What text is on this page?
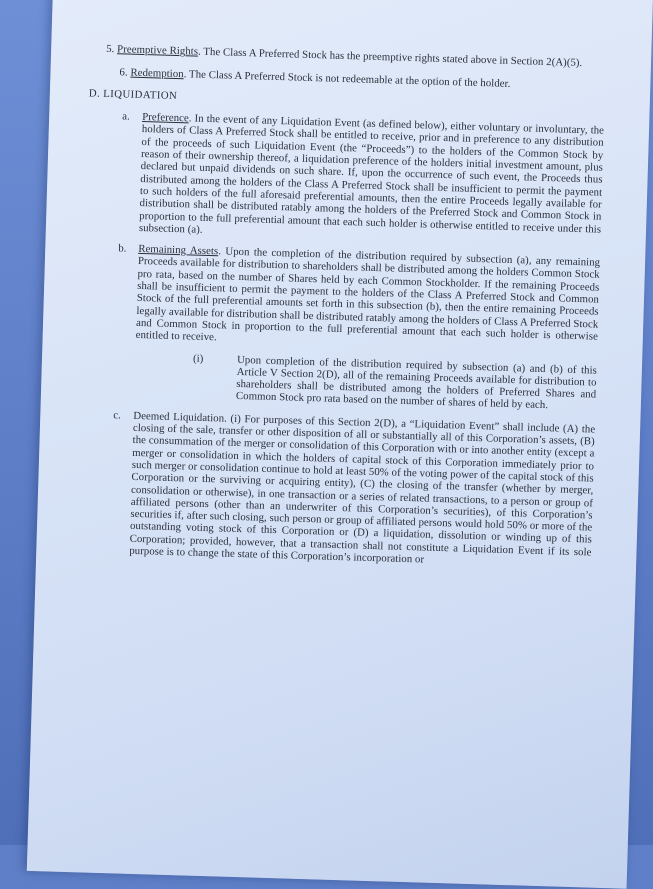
5. Preemptive Rights. The Class A Preferred Stock has the preemptive rights stated above in Section 2(A)(5).

6. Redemption. The Class A Preferred Stock is not redeemable at the option of the holder.

D. LIQUIDATION
a. Preference. In the event of any Liquidation Event (as defined below), either voluntary or involuntary, the holders of Class A Preferred Stock shall be entitled to receive, prior and in preference to any distribution of the proceeds of such Liquidation Event (the “Proceeds”) to the holders of the Common Stock by reason of their ownership thereof, a liquidation preference of the holders initial investment amount, plus declared but unpaid dividends on such share. If, upon the occurrence of such event, the Proceeds thus distributed among the holders of the Class A Preferred Stock shall be insufficient to permit the payment to such holders of the full aforesaid preferential amounts, then the entire Proceeds legally available for distribution shall be distributed ratably among the holders of the Preferred Stock and Common Stock in proportion to the full preferential amount that each such holder is otherwise entitled to receive under this subsection (a).
b. Remaining Assets. Upon the completion of the distribution required by subsection (a), any remaining Proceeds available for distribution to shareholders shall be distributed among the holders Common Stock pro rata, based on the number of Shares held by each Common Stockholder. If the remaining Proceeds shall be insufficient to permit the payment to the holders of the Class A Preferred Stock and Common Stock of the full preferential amounts set forth in this subsection (b), then the entire remaining Proceeds legally available for distribution shall be distributed ratably among the holders of Class A Preferred Stock and Common Stock in proportion to the full preferential amount that each such holder is otherwise entitled to receive.
(i)	Upon completion of the distribution required by subsection (a) and (b) of this Article V Section 2(D), all of the remaining Proceeds available for distribution to shareholders shall be distributed among the holders of Preferred Shares and Common Stock pro rata based on the number of shares of held by each.
c. Deemed Liquidation. (i) For purposes of this Section 2(D), a “Liquidation Event” shall include (A) the closing of the sale, transfer or other disposition of all or substantially all of this Corporation’s assets, (B) the consummation of the merger or consolidation of this Corporation with or into another entity (except a merger or consolidation in which the holders of capital stock of this Corporation immediately prior to such merger or consolidation continue to hold at least 50% of the voting power of the capital stock of this Corporation or the surviving or acquiring entity), (C) the closing of the transfer (whether by merger, consolidation or otherwise), in one transaction or a series of related transactions, to a person or group of affiliated persons (other than an underwriter of this Corporation’s securities), of this Corporation’s securities if, after such closing, such person or group of affiliated persons would hold 50% or more of the outstanding voting stock of this Corporation or (D) a liquidation, dissolution or winding up of this Corporation; provided, however, that a transaction shall not constitute a Liquidation Event if its sole purpose is to change the state of this Corporation’s incorporation or
